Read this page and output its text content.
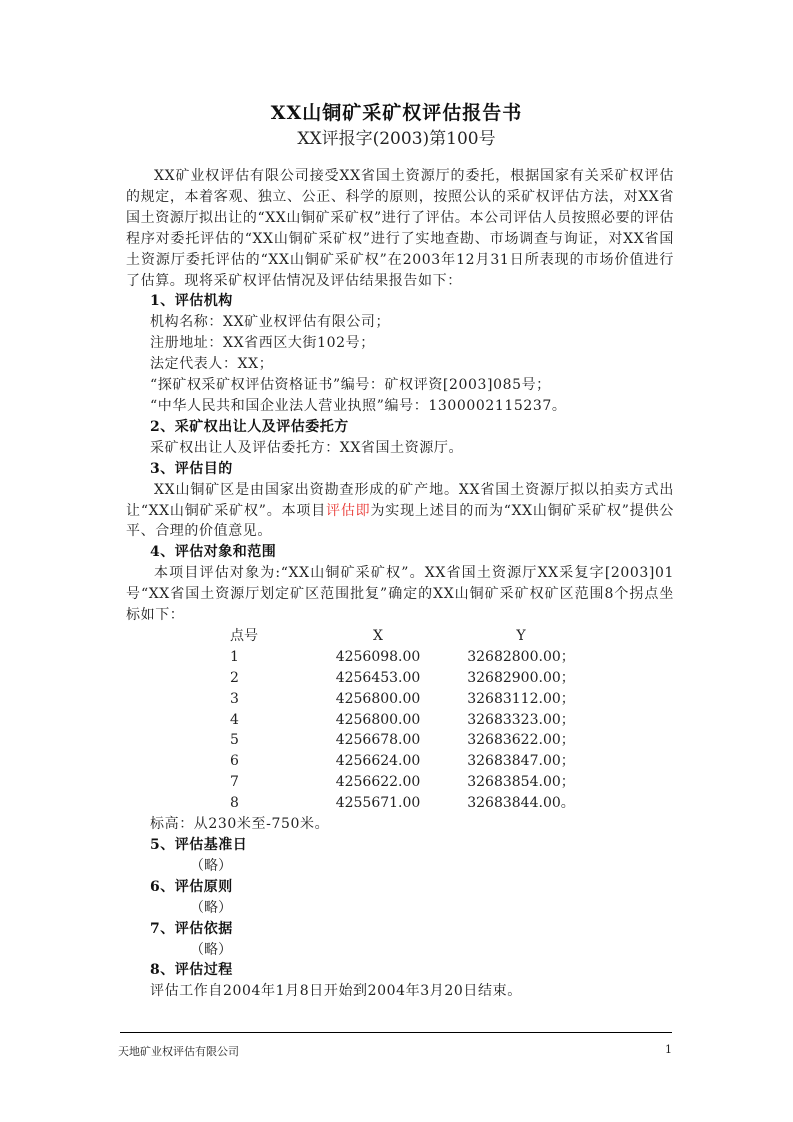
XX山铜矿采矿权评估报告书
XX评报字(2003)第100号

XX矿业权评估有限公司接受XX省国土资源厅的委托，根据国家有关采矿权评估的规定，本着客观、独立、公正、科学的原则，按照公认的采矿权评估方法，对XX省国土资源厅拟出让的“XX山铜矿采矿权”进行了评估。本公司评估人员按照必要的评估程序对委托评估的“XX山铜矿采矿权”进行了实地查勘、市场调查与询证，对XX省国土资源厅委托评估的“XX山铜矿采矿权”在2003年12月31日所表现的市场价值进行了估算。现将采矿权评估情况及评估结果报告如下：

1、评估机构

机构名称：XX矿业权评估有限公司；

注册地址：XX省西区大街102号；

法定代表人：XX；

“探矿权采矿权评估资格证书”编号：矿权评资[2003]085号；

“中华人民共和国企业法人营业执照”编号：1300002115237。

2、采矿权出让人及评估委托方

采矿权出让人及评估委托方：XX省国土资源厅。

3、评估目的

XX山铜矿区是由国家出资勘查形成的矿产地。XX省国土资源厅拟以拍卖方式出让“XX山铜矿采矿权”。本项目评估即为实现上述目的而为“XX山铜矿采矿权”提供公平、合理的价值意见。

4、评估对象和范围

本项目评估对象为:“XX山铜矿采矿权”。XX省国土资源厅XX采复字[2003]01号“XX省国土资源厅划定矿区范围批复”确定的XX山铜矿采矿权矿区范围8个拐点坐标如下：

点号	X	Y
1	4256098.00	32682800.00；
2	4256453.00	32682900.00；
3	4256800.00	32683112.00；
4	4256800.00	32683323.00；
5	4256678.00	32683622.00；
6	4256624.00	32683847.00；
7	4256622.00	32683854.00；
8	4255671.00	32683844.00。

标高：从230米至-750米。

5、评估基准日

（略）

6、评估原则

（略）

7、评估依据

（略）

8、评估过程

评估工作自2004年1月8日开始到2004年3月20日结束。

天地矿业权评估有限公司	1
